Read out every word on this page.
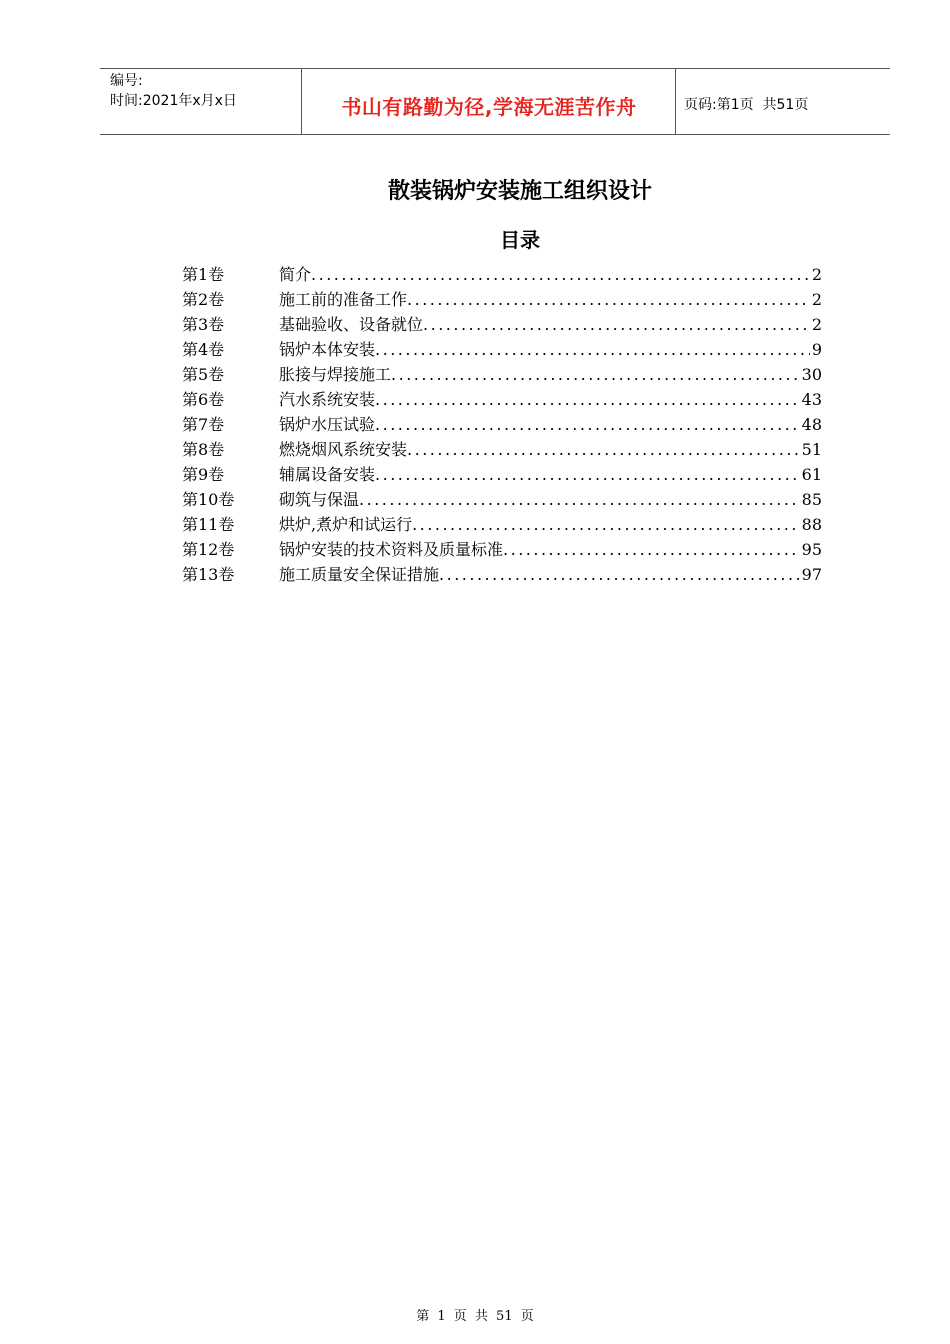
编号:
时间:2021年x月x日	书山有路勤为径,学海无涯苦作舟	页码:第1页  共51页
散装锅炉安装施工组织设计
目录
第1卷	简介 .....	2
第2卷	施工前的准备工作 .....	2
第3卷	基础验收、设备就位 .....	2
第4卷	锅炉本体安装 .....	9
第5卷	胀接与焊接施工 .....	30
第6卷	汽水系统安装 .....	43
第7卷	锅炉水压试验 .....	48
第8卷	燃烧烟风系统安装 .....	51
第9卷	辅属设备安装 .....	61
第10卷	砌筑与保温 .....	85
第11卷	烘炉,煮炉和试运行 .....	88
第12卷	锅炉安装的技术资料及质量标准 .....	95
第13卷	施工质量安全保证措施 .....	97
第 1 页 共 51 页
